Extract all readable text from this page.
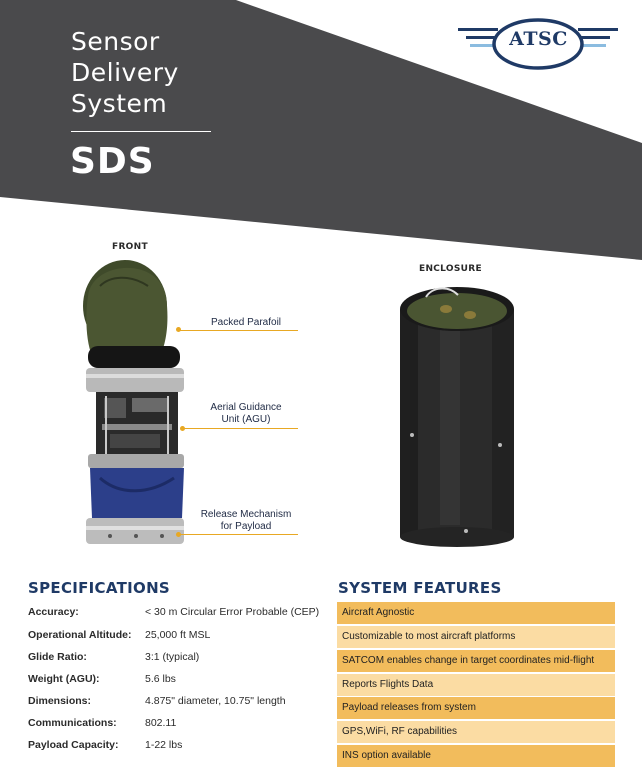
Sensor
Delivery
System
SDS
ATSC
FRONT
Packed Parafoil
Aerial Guidance
Unit (AGU)
Release Mechanism
for Payload
ENCLOSURE
SPECIFICATIONS
Accuracy:	< 30 m Circular Error Probable (CEP)
Operational Altitude: 25,000 ft MSL
Glide Ratio:	3:1 (typical)
Weight (AGU):	5.6 lbs
Dimensions:	4.875" diameter, 10.75" length
Communications:	802.11
Payload Capacity:	1-22 lbs
SYSTEM FEATURES
Aircraft Agnostic
Customizable to most aircraft platforms
SATCOM enables change in target coordinates mid-flight
Reports Flights Data
Payload releases from system
GPS,WiFi, RF capabilities
INS option available
